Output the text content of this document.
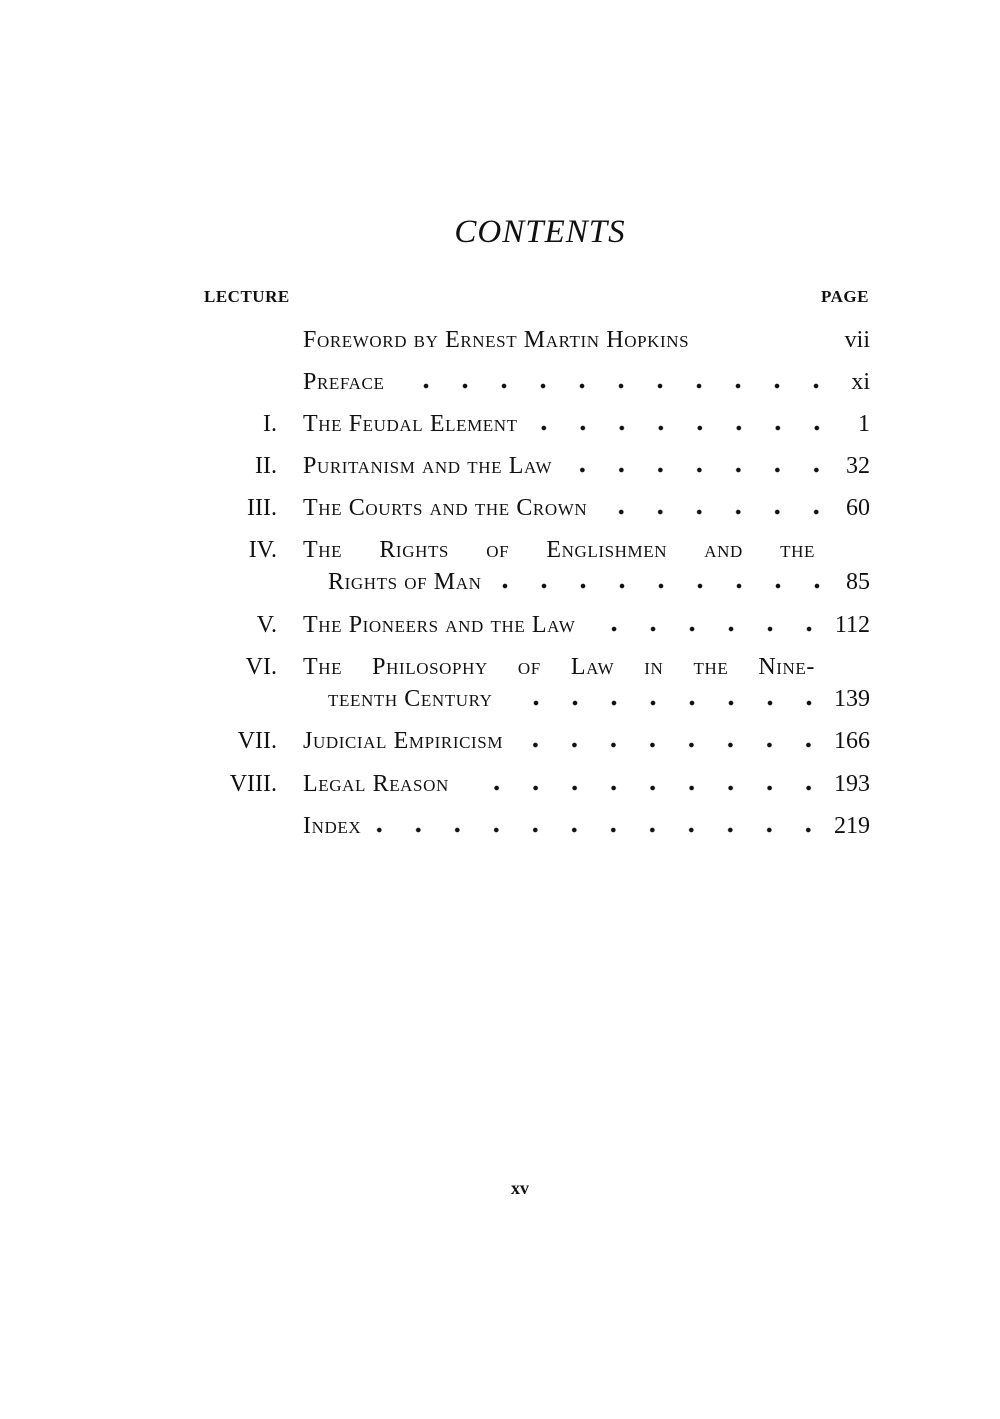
CONTENTS
LECTURE	PAGE
Foreword by Ernest Martin Hopkins	vii
Preface	xi
I. The Feudal Element	1
II. Puritanism and the Law	32
III. The Courts and the Crown	60
IV. The Rights of Englishmen and the
Rights of Man	85
V. The Pioneers and the Law	112
VI. The Philosophy of Law in the Nine-
teenth Century	139
VII. Judicial Empiricism	166
VIII. Legal Reason	193
Index	219
xv
